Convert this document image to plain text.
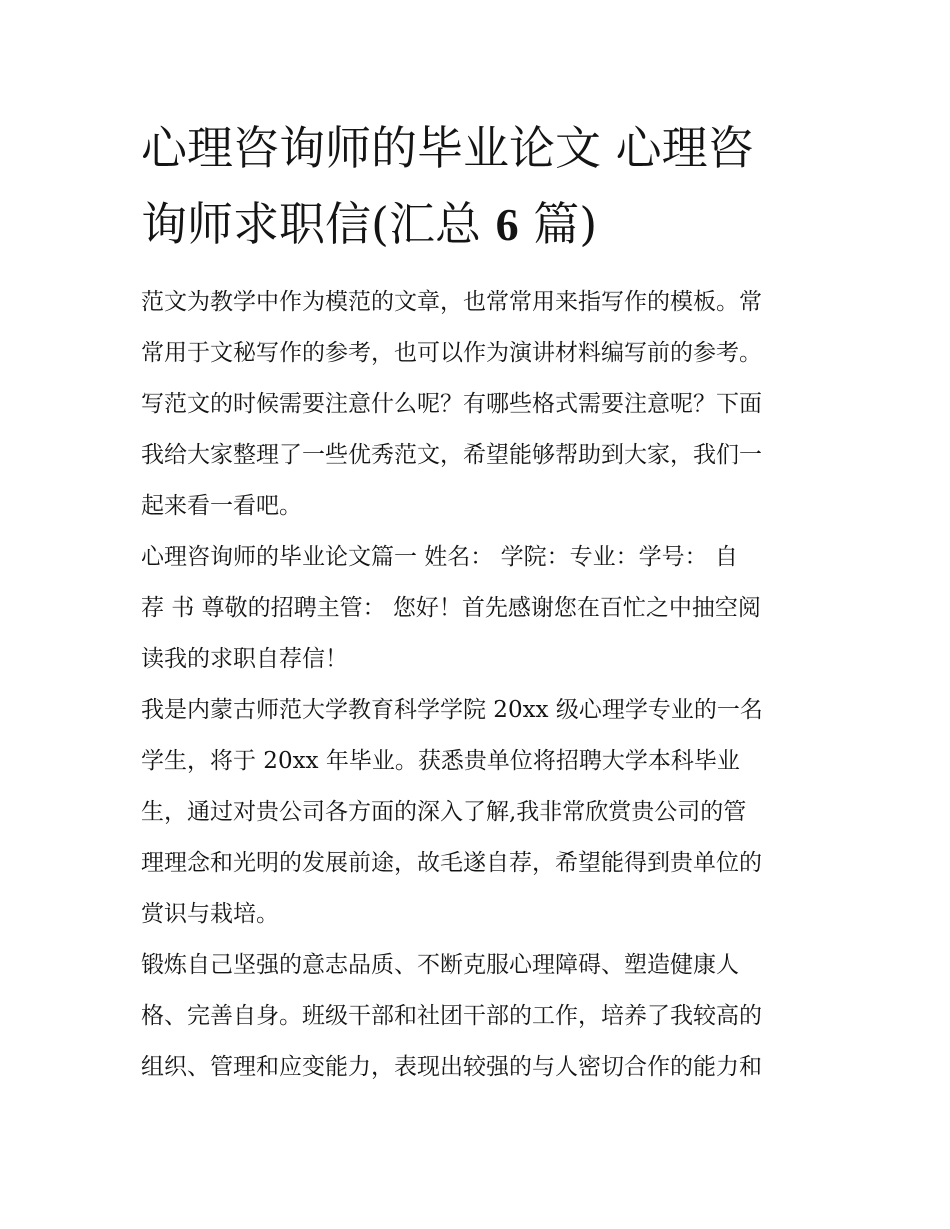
心理咨询师的毕业论文 心理咨
询师求职信(汇总 6 篇)
范文为教学中作为模范的文章，也常常用来指写作的模板。常
常用于文秘写作的参考，也可以作为演讲材料编写前的参考。
写范文的时候需要注意什么呢？有哪些格式需要注意呢？下面
我给大家整理了一些优秀范文，希望能够帮助到大家，我们一
起来看一看吧。
心理咨询师的毕业论文篇一 姓名： 学院：专业：学号： 自
荐 书 尊敬的招聘主管： 您好！首先感谢您在百忙之中抽空阅
读我的求职自荐信！
我是内蒙古师范大学教育科学学院 20xx 级心理学专业的一名
学生，将于 20xx 年毕业。获悉贵单位将招聘大学本科毕业
生，通过对贵公司各方面的深入了解,我非常欣赏贵公司的管
理理念和光明的发展前途，故毛遂自荐，希望能得到贵单位的
赏识与栽培。
锻炼自己坚强的意志品质、不断克服心理障碍、塑造健康人
格、完善自身。班级干部和社团干部的工作，培养了我较高的
组织、管理和应变能力，表现出较强的与人密切合作的能力和
